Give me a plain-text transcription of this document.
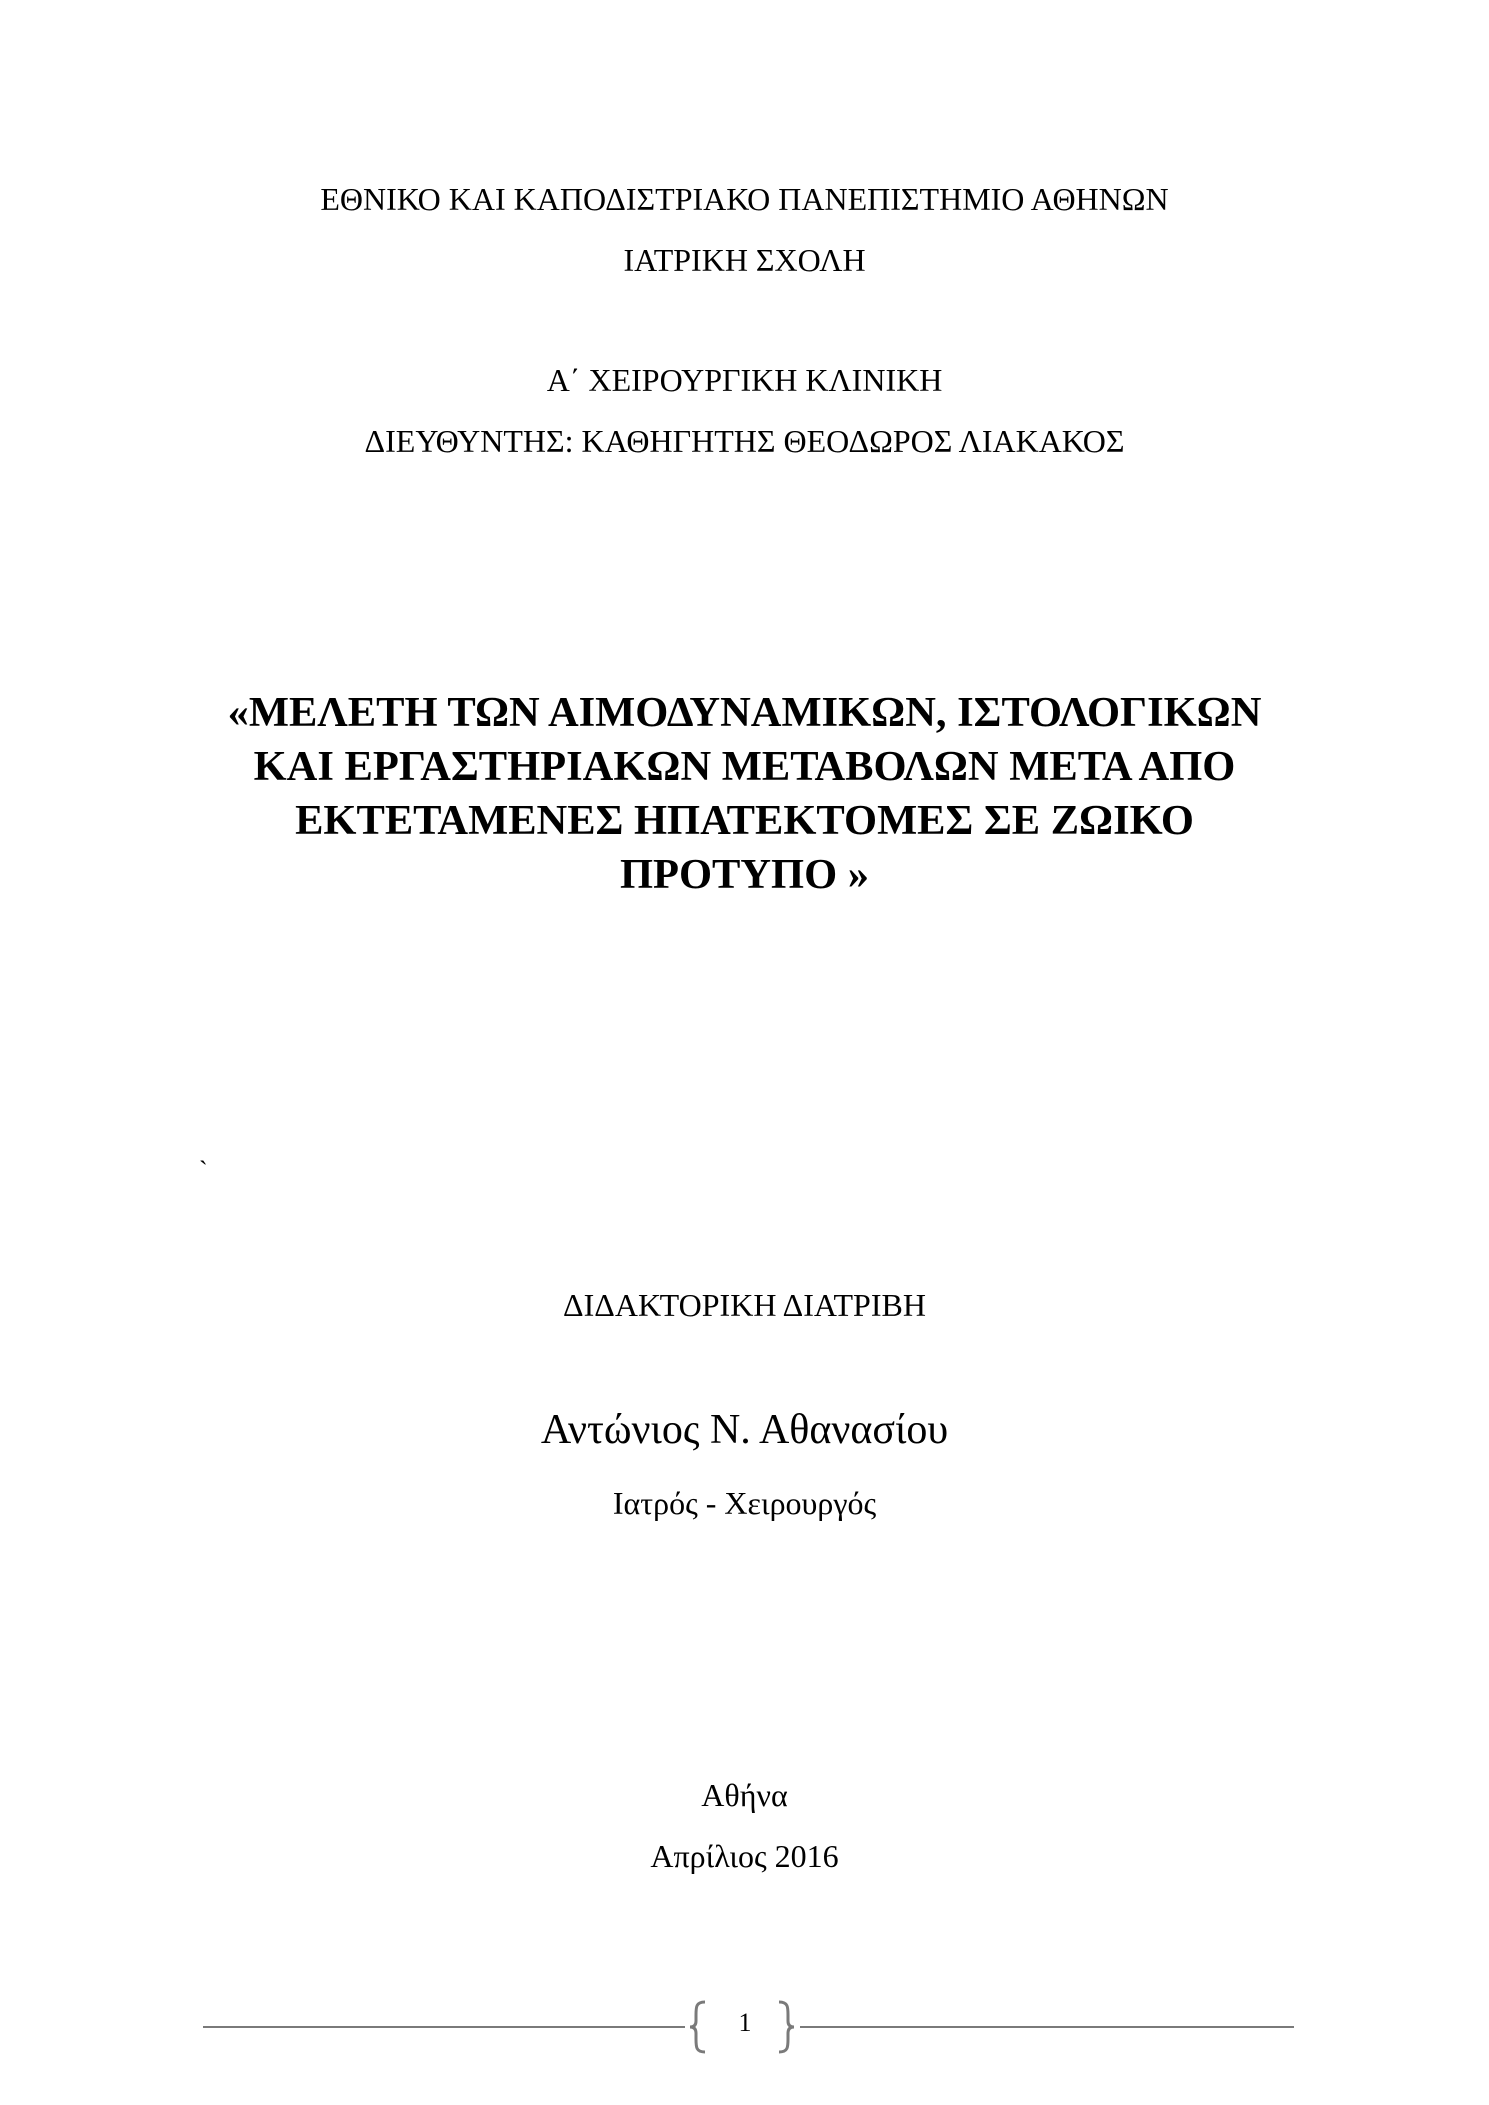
ΕΘΝΙΚΟ ΚΑΙ ΚΑΠΟΔΙΣΤΡΙΑΚΟ ΠΑΝΕΠΙΣΤΗΜΙΟ ΑΘΗΝΩΝ
ΙΑΤΡΙΚΗ ΣΧΟΛΗ
Α΄ ΧΕΙΡΟΥΡΓΙΚΗ ΚΛΙΝΙΚΗ
ΔΙΕΥΘΥΝΤΗΣ: ΚΑΘΗΓΗΤΗΣ ΘΕΟΔΩΡΟΣ ΛΙΑΚΑΚΟΣ
«ΜΕΛΕΤΗ ΤΩΝ ΑΙΜΟΔΥΝΑΜΙΚΩΝ, ΙΣΤΟΛΟΓΙΚΩΝ
ΚΑΙ ΕΡΓΑΣΤΗΡΙΑΚΩΝ ΜΕΤΑΒΟΛΩΝ ΜΕΤΑ ΑΠΟ
ΕΚΤΕΤΑΜΕΝΕΣ ΗΠΑΤΕΚΤΟΜΕΣ ΣΕ ΖΩΙΚΟ
ΠΡΟΤΥΠΟ »
`
ΔΙΔΑΚΤΟΡΙΚΗ ΔΙΑΤΡΙΒΗ
Αντώνιος Ν. Αθανασίου
Ιατρός - Χειρουργός
Αθήνα
Απρίλιος 2016
1
